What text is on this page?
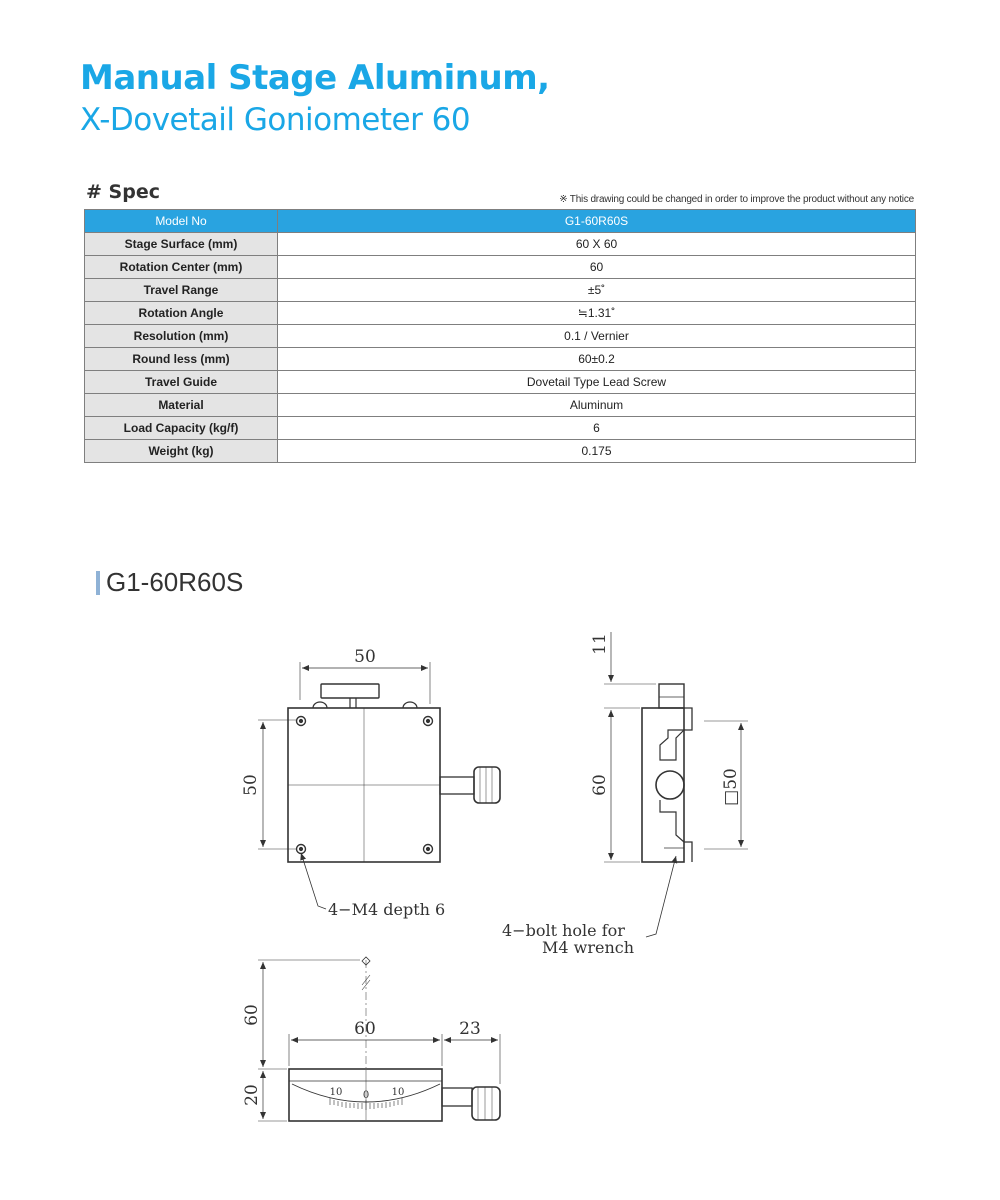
Manual Stage Aluminum,
X-Dovetail Goniometer 60
# Spec	※ This drawing could be changed in order to improve the product without any notice
Model No	G1-60R60S
Stage Surface (mm)	60 X 60
Rotation Center (mm)	60
Travel Range	±5˚
Rotation Angle	≒1.31˚
Resolution (mm)	0.1 / Vernier
Round less (mm)	60±0.2
Travel Guide	Dovetail Type Lead Screw
Material	Aluminum
Load Capacity (kg/f)	6
Weight (kg)	0.175
G1-60R60S
50
50
4−M4 depth 6
11
60	□50
4−bolt hole for
M4 wrench
60
20
60	23
10 0 10
